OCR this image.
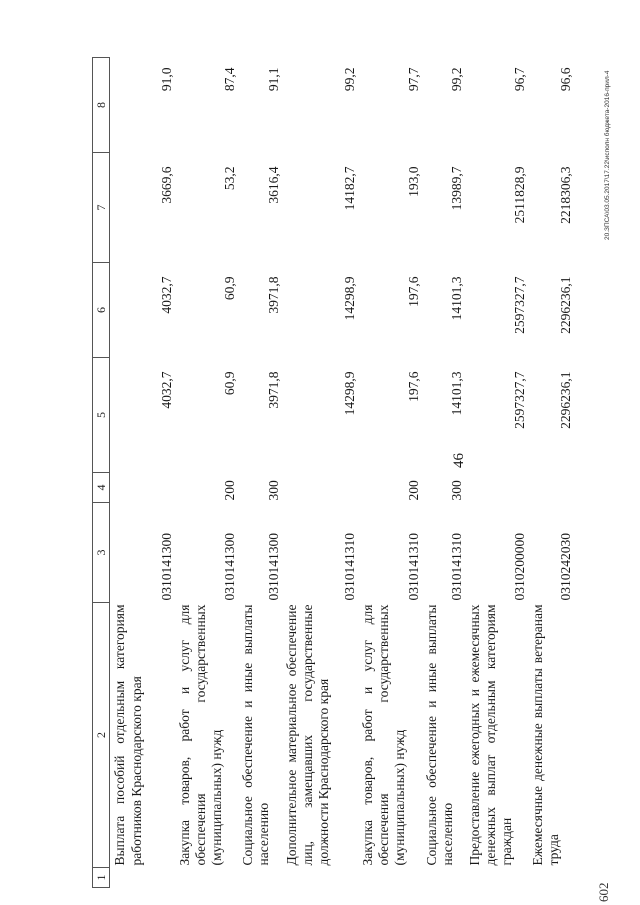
46
1	2	3	4	5	6	7	8
	Выплата пособий отдельным категориям работников Краснодарского края	0310141300		4032,7	4032,7	3669,6	91,0
	Закупка товаров, работ и услуг для обеспечения государственных (муниципальных) нужд	0310141300	200	60,9	60,9	53,2	87,4
	Социальное обеспечение и иные выплаты населению	0310141300	300	3971,8	3971,8	3616,4	91,1
	Дополнительное материальное обеспечение лиц, замещавших государственные должности Краснодарского края	0310141310		14298,9	14298,9	14182,7	99,2
	Закупка товаров, работ и услуг для обеспечения государственных (муниципальных) нужд	0310141310	200	197,6	197,6	193,0	97,7
	Социальное обеспечение и иные выплаты населению	0310141310	300	14101,3	14101,3	13989,7	99,2
	Предоставление ежегодных и ежемесячных денежных выплат отдельным категориям граждан	0310200000		2597327,7	2597327,7	2511828,9	96,7
	Ежемесячные денежные выплаты ветеранам труда	0310242030		2296236,1	2296236,1	2218306,3	96,6	20.ЗПСА\03.05.2017\17.22\исполн бюджета-2016-прил-4
602
